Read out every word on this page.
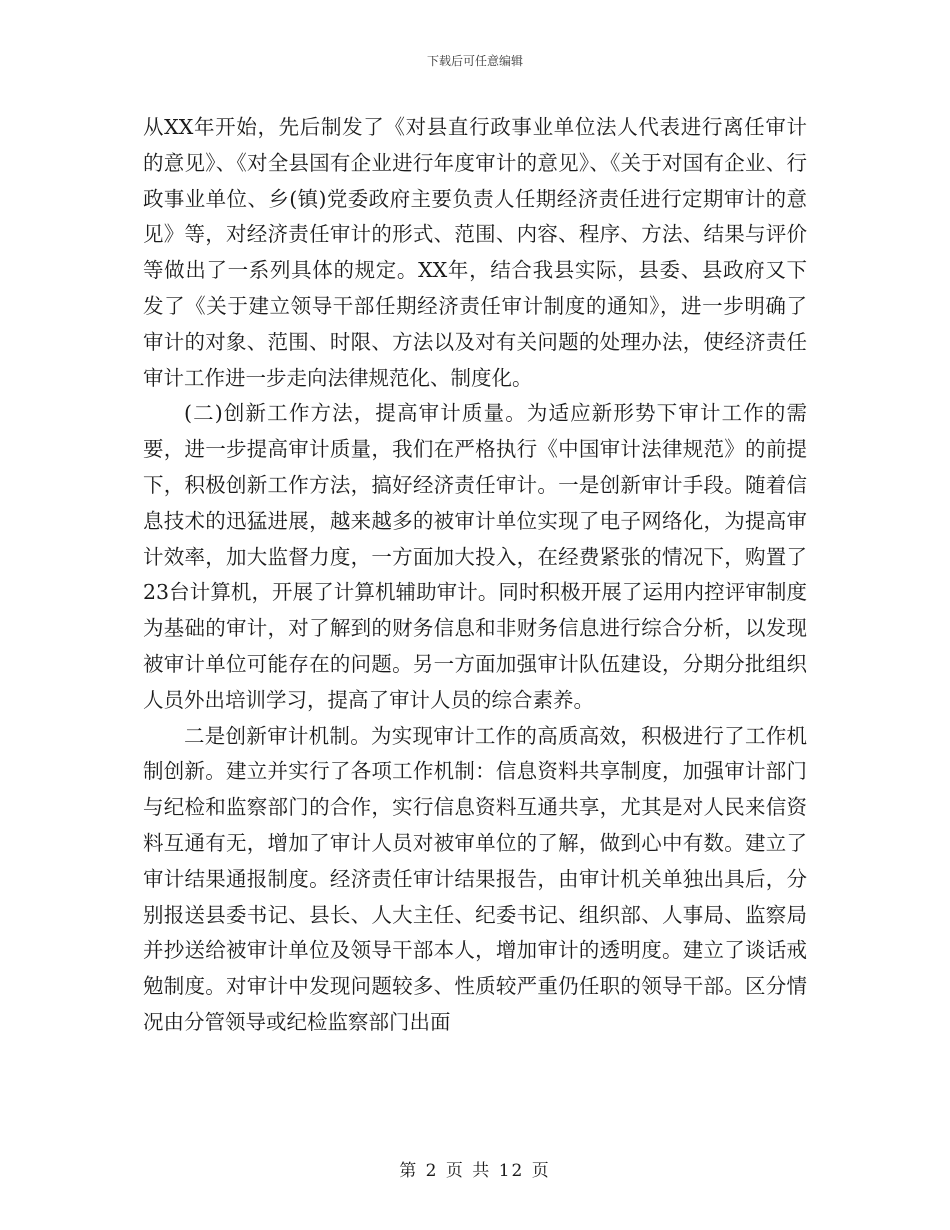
下载后可任意编辑

从XX年开始，先后制发了《对县直行政事业单位法人代表进行离任审计的意见》、《对全县国有企业进行年度审计的意见》、《关于对国有企业、行政事业单位、乡(镇)党委政府主要负责人任期经济责任进行定期审计的意见》等，对经济责任审计的形式、范围、内容、程序、方法、结果与评价等做出了一系列具体的规定。XX年，结合我县实际，县委、县政府又下发了《关于建立领导干部任期经济责任审计制度的通知》，进一步明确了审计的对象、范围、时限、方法以及对有关问题的处理办法，使经济责任审计工作进一步走向法律规范化、制度化。

(二)创新工作方法，提高审计质量。为适应新形势下审计工作的需要，进一步提高审计质量，我们在严格执行《中国审计法律规范》的前提下，积极创新工作方法，搞好经济责任审计。一是创新审计手段。随着信息技术的迅猛进展，越来越多的被审计单位实现了电子网络化，为提高审计效率，加大监督力度，一方面加大投入，在经费紧张的情况下，购置了23台计算机，开展了计算机辅助审计。同时积极开展了运用内控评审制度为基础的审计，对了解到的财务信息和非财务信息进行综合分析，以发现被审计单位可能存在的问题。另一方面加强审计队伍建设，分期分批组织人员外出培训学习，提高了审计人员的综合素养。

二是创新审计机制。为实现审计工作的高质高效，积极进行了工作机制创新。建立并实行了各项工作机制：信息资料共享制度，加强审计部门与纪检和监察部门的合作，实行信息资料互通共享，尤其是对人民来信资料互通有无，增加了审计人员对被审单位的了解，做到心中有数。建立了审计结果通报制度。经济责任审计结果报告，由审计机关单独出具后，分别报送县委书记、县长、人大主任、纪委书记、组织部、人事局、监察局并抄送给被审计单位及领导干部本人，增加审计的透明度。建立了谈话戒勉制度。对审计中发现问题较多、性质较严重仍任职的领导干部。区分情况由分管领导或纪检监察部门出面

第 2 页 共 12 页
